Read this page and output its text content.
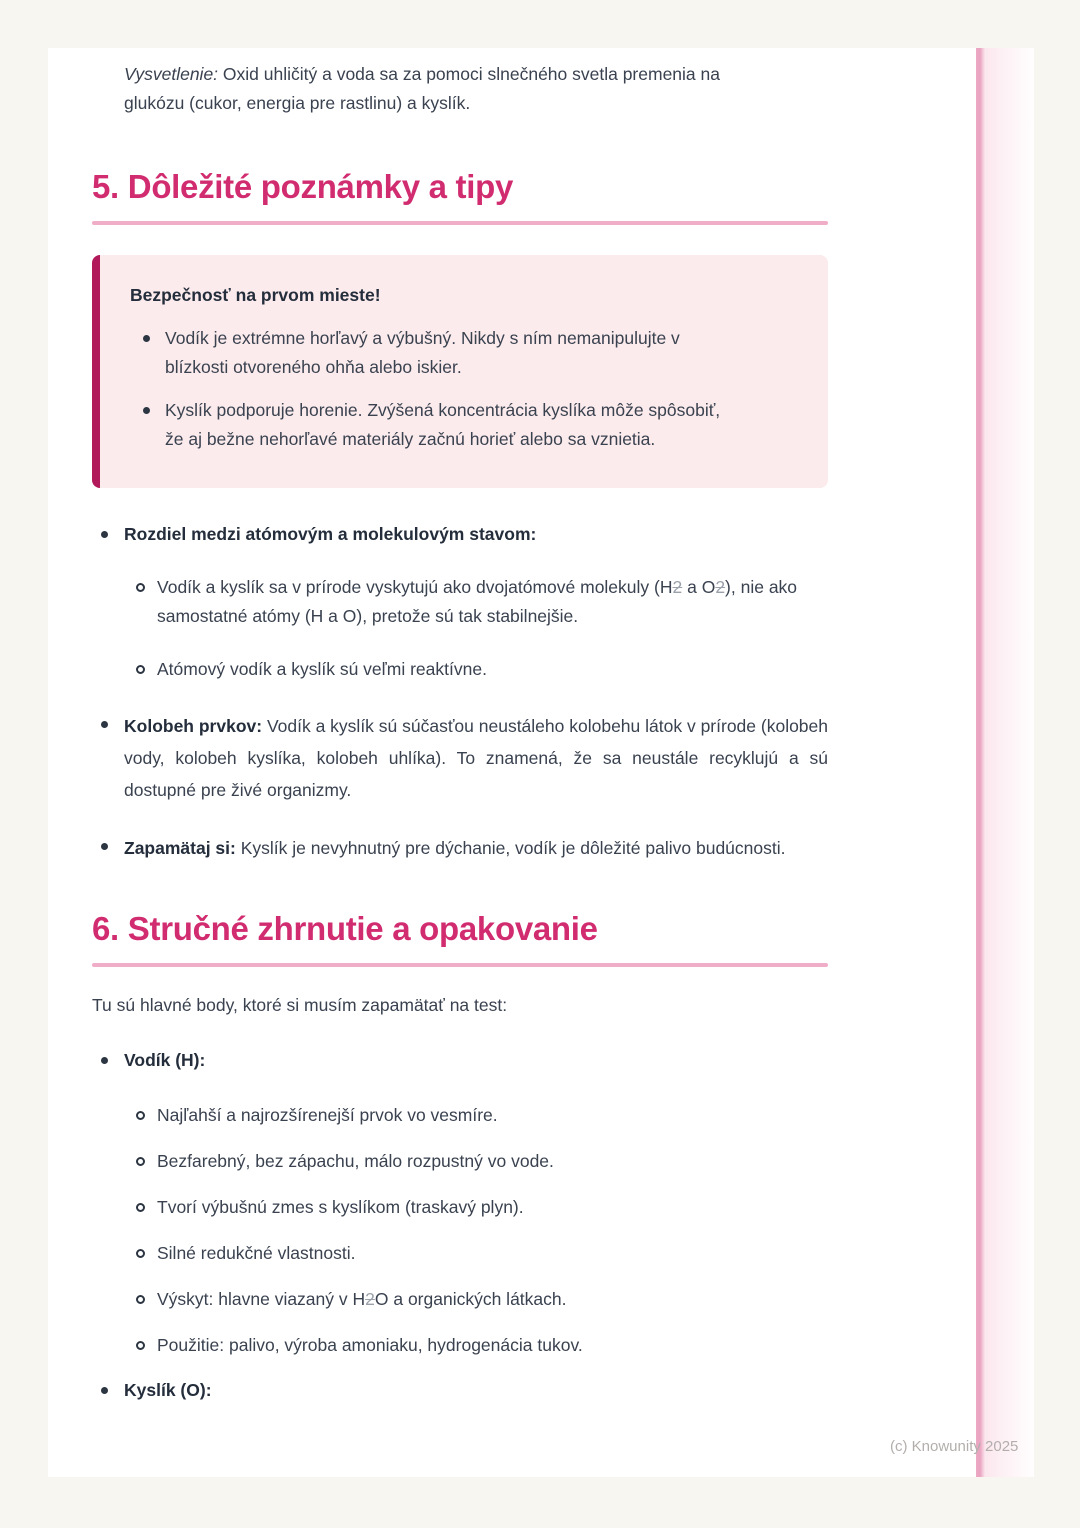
Vysvetlenie: Oxid uhličitý a voda sa za pomoci slnečného svetla premenia na glukózu (cukor, energia pre rastlinu) a kyslík.

5. Dôležité poznámky a tipy

Bezpečnosť na prvom mieste!

Vodík je extrémne horľavý a výbušný. Nikdy s ním nemanipulujte v blízkosti otvoreného ohňa alebo iskier.
Kyslík podporuje horenie. Zvýšená koncentrácia kyslíka môže spôsobiť, že aj bežne nehorľavé materiály začnú horieť alebo sa vznietia.
Rozdiel medzi atómovým a molekulovým stavom:
Vodík a kyslík sa v prírode vyskytujú ako dvojatómové molekuly (H2 a O2), nie ako samostatné atómy (H a O), pretože sú tak stabilnejšie.
Atómový vodík a kyslík sú veľmi reaktívne.
Kolobeh prvkov: Vodík a kyslík sú súčasťou neustáleho kolobehu látok v prírode (kolobeh vody, kolobeh kyslíka, kolobeh uhlíka). To znamená, že sa neustále recyklujú a sú dostupné pre živé organizmy.
Zapamätaj si: Kyslík je nevyhnutný pre dýchanie, vodík je dôležité palivo budúcnosti.
6. Stručné zhrnutie a opakovanie

Tu sú hlavné body, ktoré si musím zapamätať na test:

Vodík (H):
Najľahší a najrozšírenejší prvok vo vesmíre.
Bezfarebný, bez zápachu, málo rozpustný vo vode.
Tvorí výbušnú zmes s kyslíkom (traskavý plyn).
Silné redukčné vlastnosti.
Výskyt: hlavne viazaný v H2O a organických látkach.
Použitie: palivo, výroba amoniaku, hydrogenácia tukov.
Kyslík (O):
(c) Knowunity 2025
